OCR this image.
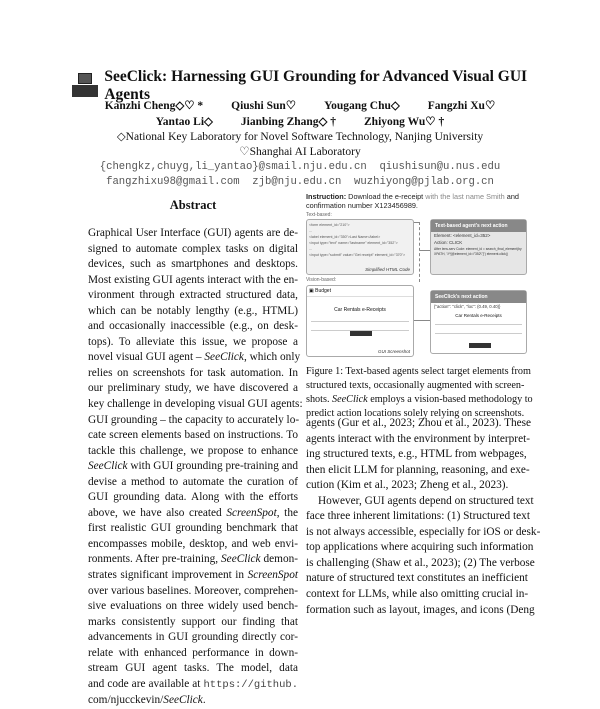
SeeClick: Harnessing GUI Grounding for Advanced Visual GUI Agents
Kanzhi Cheng◇♡ * Qiushi Sun♡ Yougang Chu◇ Fangzhi Xu♡
Yantao Li◇ Jianbing Zhang◇ † Zhiyong Wu♡ †
◇National Key Laboratory for Novel Software Technology, Nanjing University
♡Shanghai AI Laboratory
{chengkz,chuyg,li_yantao}@smail.nju.edu.cn  qiushisun@u.nus.edu
fangzhixu98@gmail.com  zjb@nju.edu.cn  wuzhiyong@pjlab.org.cn
Abstract
Graphical User Interface (GUI) agents are de-
signed to automate complex tasks on digital
devices, such as smartphones and desktops.
Most existing GUI agents interact with the en-
vironment through extracted structured data,
which can be notably lengthy (e.g., HTML)
and occasionally inaccessible (e.g., on desk-
tops). To alleviate this issue, we propose a
novel visual GUI agent – SeeClick, which only
relies on screenshots for task automation. In
our preliminary study, we have discovered a
key challenge in developing visual GUI agents:
GUI grounding – the capacity to accurately lo-
cate screen elements based on instructions. To
tackle this challenge, we propose to enhance
SeeClick with GUI grounding pre-training and
devise a method to automate the curation of
GUI grounding data. Along with the efforts
above, we have also created ScreenSpot, the
first realistic GUI grounding benchmark that
encompasses mobile, desktop, and web envi-
ronments. After pre-training, SeeClick demon-
strates significant improvement in ScreenSpot
over various baselines. Moreover, comprehen-
sive evaluations on three widely used bench-
marks consistently support our finding that
advancements in GUI grounding directly cor-
relate with enhanced performance in down-
stream GUI agent tasks. The model, data
and code are available at https://github.
com/njucckevin/SeeClick.
Instruction: Download the e-receipt with the last name Smith and confirmation number X123456989.
Text-based:
<form element_id="210">
...
<label element_id="350">Last Name</label>
<input type="text" name="lastname" element_id="352">
...
<input type="submit" value="Get receipt" element_id="370">
Simplified HTML Code
Vision-based:
▣ Budget
Car Rentals e-Receipts
GUI Screenshot
Text-based agent's next action
Element: <element_id=352>
Action: CLICK
After lens-serv Code: element_id = search_final_element(by XPATH, "//*[@element_id=\"352\"]") element.click()
SeeClick's next action
{"action": "click", "loc": (0.49, 0.40)}
Car Rentals e-Receipts
Figure 1: Text-based agents select target elements from
structured texts, occasionally augmented with screen-
shots. SeeClick employs a vision-based methodology to
predict action locations solely relying on screenshots.
agents (Gur et al., 2023; Zhou et al., 2023). These
agents interact with the environment by interpret-
ing structured texts, e.g., HTML from webpages,
then elicit LLM for planning, reasoning, and exe-
cution (Kim et al., 2023; Zheng et al., 2023).
However, GUI agents depend on structured text
face three inherent limitations: (1) Structured text
is not always accessible, especially for iOS or desk-
top applications where acquiring such information
is challenging (Shaw et al., 2023); (2) The verbose
nature of structured text constitutes an inefficient
context for LLMs, while also omitting crucial in-
formation such as layout, images, and icons (Deng
